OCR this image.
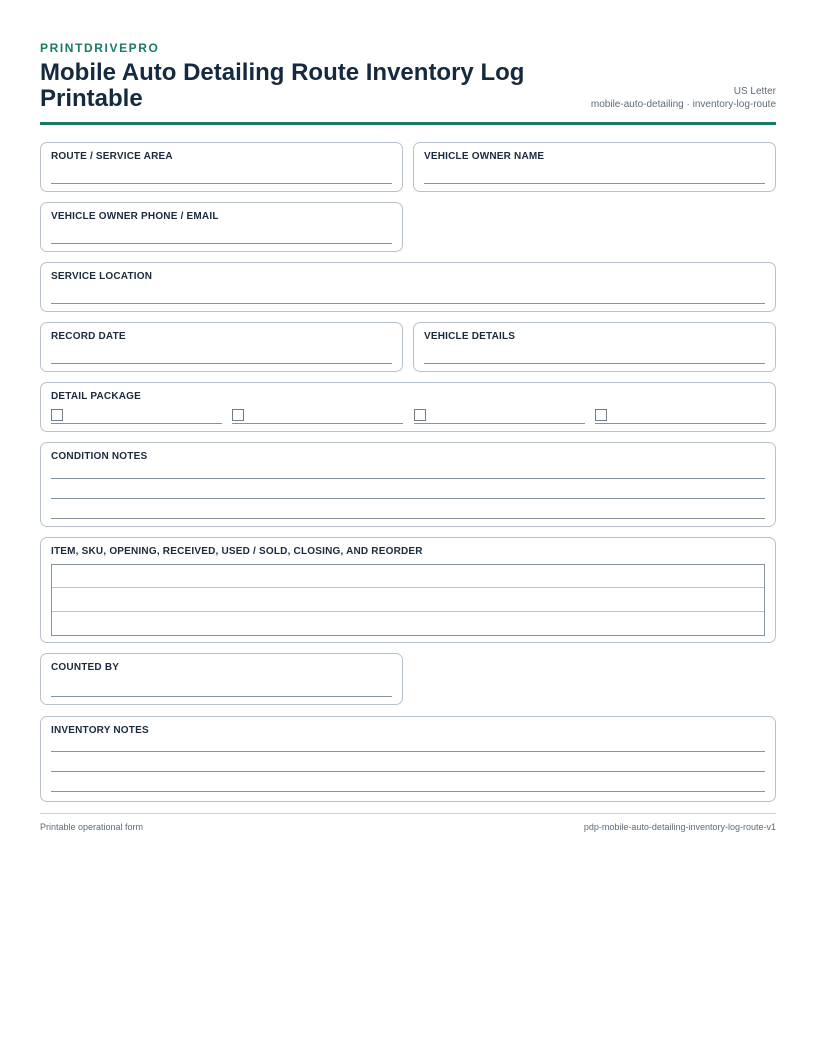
PRINTDRIVEPRO
Mobile Auto Detailing Route Inventory Log Printable	US Letter
mobile-auto-detailing · inventory-log-route
ROUTE / SERVICE AREA	VEHICLE OWNER NAME
VEHICLE OWNER PHONE / EMAIL
SERVICE LOCATION
RECORD DATE	VEHICLE DETAILS
DETAIL PACKAGE
CONDITION NOTES
ITEM, SKU, OPENING, RECEIVED, USED / SOLD, CLOSING, AND REORDER
COUNTED BY
INVENTORY NOTES
Printable operational form	pdp-mobile-auto-detailing-inventory-log-route-v1
